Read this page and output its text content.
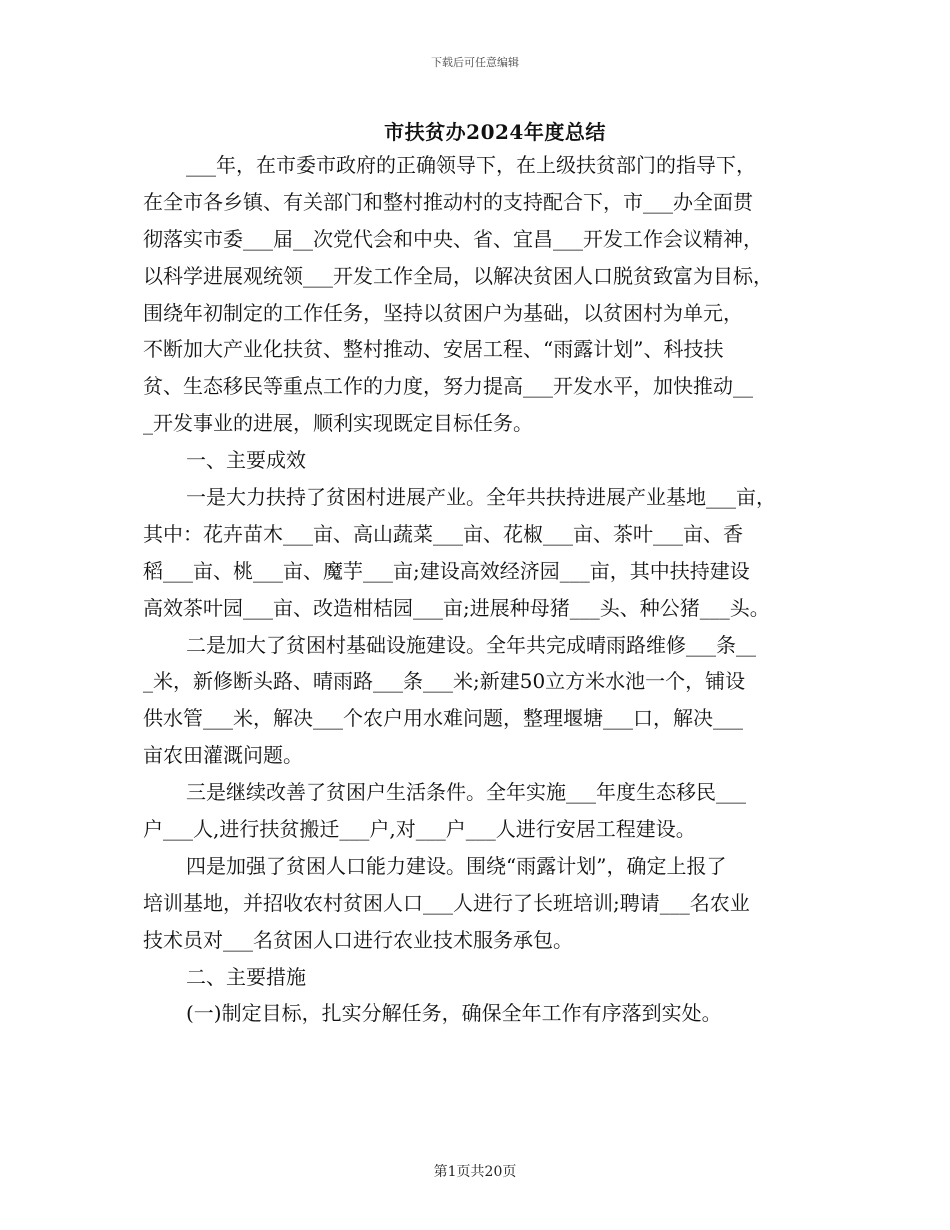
下载后可任意编辑
市扶贫办2024年度总结
___年，在市委市政府的正确领导下，在上级扶贫部门的指导下，
在全市各乡镇、有关部门和整村推动村的支持配合下，市___办全面贯
彻落实市委___届__次党代会和中央、省、宜昌___开发工作会议精神，
以科学进展观统领___开发工作全局，以解决贫困人口脱贫致富为目标，
围绕年初制定的工作任务，坚持以贫困户为基础，以贫困村为单元，
不断加大产业化扶贫、整村推动、安居工程、“雨露计划”、科技扶
贫、生态移民等重点工作的力度，努力提高___开发水平，加快推动__
_开发事业的进展，顺利实现既定目标任务。
一、主要成效
一是大力扶持了贫困村进展产业。全年共扶持进展产业基地___亩，
其中：花卉苗木___亩、高山蔬菜___亩、花椒___亩、茶叶___亩、香
稻___亩、桃___亩、魔芋___亩;建设高效经济园___亩，其中扶持建设
高效茶叶园___亩、改造柑桔园___亩;进展种母猪___头、种公猪___头。
二是加大了贫困村基础设施建设。全年共完成晴雨路维修___条__
_米，新修断头路、晴雨路___条___米;新建50立方米水池一个，铺设
供水管___米，解决___个农户用水难问题，整理堰塘___口，解决___
亩农田灌溉问题。
三是继续改善了贫困户生活条件。全年实施___年度生态移民___
户___人,进行扶贫搬迁___户,对___户___人进行安居工程建设。
四是加强了贫困人口能力建设。围绕“雨露计划”，确定上报了
培训基地，并招收农村贫困人口___人进行了长班培训;聘请___名农业
技术员对___名贫困人口进行农业技术服务承包。
二、主要措施
(一)制定目标，扎实分解任务，确保全年工作有序落到实处。
第1页共20页
